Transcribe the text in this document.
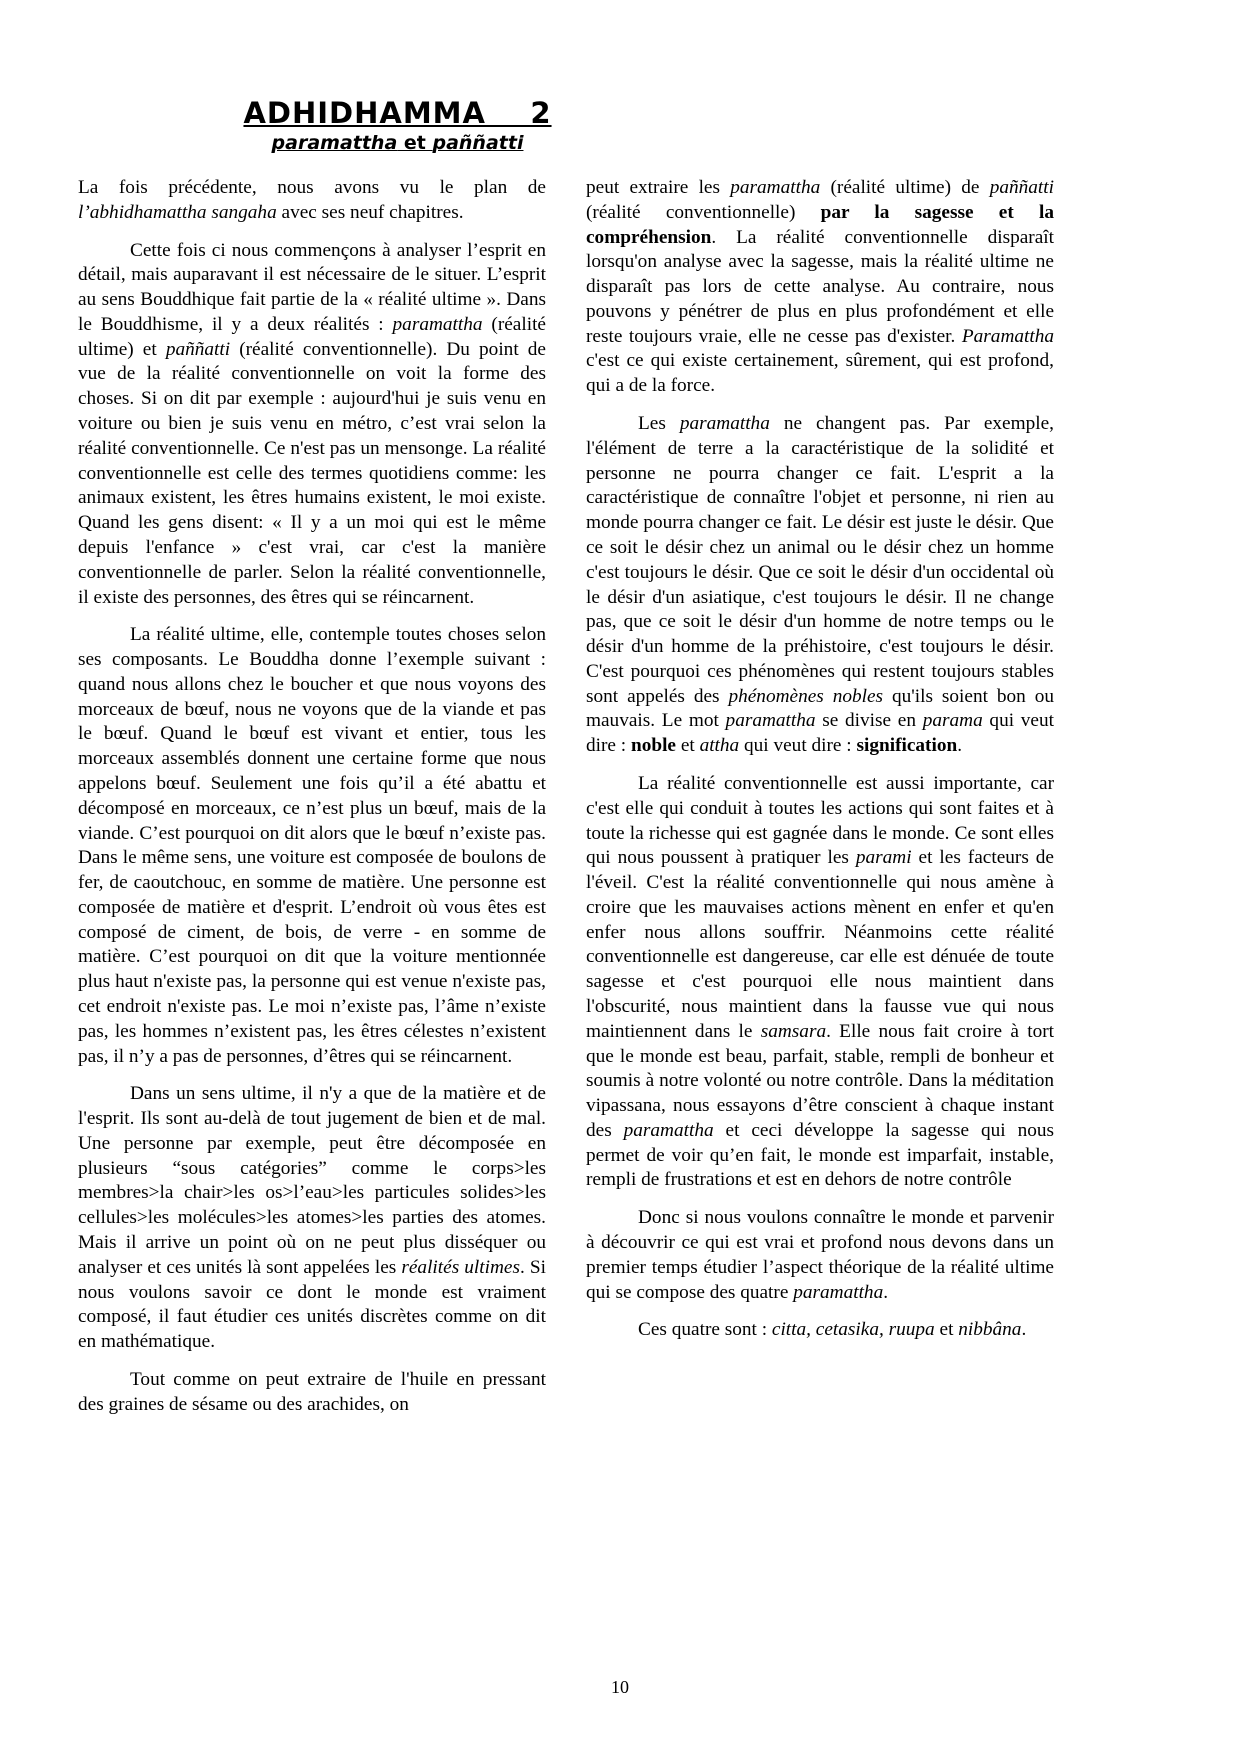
ADHIDHAMMA    2 paramattha et paññatti

La fois précédente, nous avons vu le plan de l’abhidhamattha sangaha avec ses neuf chapitres.

Cette fois ci nous commençons à analyser l’esprit en détail, mais auparavant il est nécessaire de le situer. L’esprit au sens Bouddhique fait partie de la « réalité ultime ». Dans le Bouddhisme, il y a deux réalités : paramattha (réalité ultime) et paññatti (réalité conventionnelle). Du point de vue de la réalité conventionnelle on voit la forme des choses. Si on dit par exemple : aujourd'hui je suis venu en voiture ou bien je suis venu en métro, c’est vrai selon la réalité conventionnelle. Ce n'est pas un mensonge. La réalité conventionnelle est celle des termes quotidiens comme: les animaux existent, les êtres humains existent, le moi existe. Quand les gens disent: « Il y a un moi qui est le même depuis l'enfance » c'est vrai, car c'est la manière conventionnelle de parler. Selon la réalité conventionnelle, il existe des personnes, des êtres qui se réincarnent.

La réalité ultime, elle, contemple toutes choses selon ses composants. Le Bouddha donne l’exemple suivant : quand nous allons chez le boucher et que nous voyons des morceaux de bœuf, nous ne voyons que de la viande et pas le bœuf. Quand le bœuf est vivant et entier, tous les morceaux assemblés donnent une certaine forme que nous appelons bœuf. Seulement une fois qu’il a été abattu et décomposé en morceaux, ce n’est plus un bœuf, mais de la viande. C’est pourquoi on dit alors que le bœuf n’existe pas. Dans le même sens, une voiture est composée de boulons de fer, de caoutchouc, en somme de matière. Une personne est composée de matière et d'esprit. L’endroit où vous êtes est composé de ciment, de bois, de verre - en somme de matière. C’est pourquoi on dit que la voiture mentionnée plus haut n'existe pas, la personne qui est venue n'existe pas, cet endroit n'existe pas. Le moi n’existe pas, l’âme n’existe pas, les hommes n’existent pas, les êtres célestes n’existent pas, il n’y a pas de personnes, d’êtres qui se réincarnent.

Dans un sens ultime, il n'y a que de la matière et de l'esprit. Ils sont au-delà de tout jugement de bien et de mal. Une personne par exemple, peut être décomposée en plusieurs “sous catégories” comme le corps>les membres>la chair>les os>l’eau>les particules solides>les cellules>les molécules>les atomes>les parties des atomes. Mais il arrive un point où on ne peut plus disséquer ou analyser et ces unités là sont appelées les réalités ultimes. Si nous voulons savoir ce dont le monde est vraiment composé, il faut étudier ces unités discrètes comme on dit en mathématique.

Tout comme on peut extraire de l'huile en pressant des graines de sésame ou des arachides, on

peut extraire les paramattha (réalité ultime) de paññatti (réalité conventionnelle) par la sagesse et la compréhension. La réalité conventionnelle disparaît lorsqu'on analyse avec la sagesse, mais la réalité ultime ne disparaît pas lors de cette analyse. Au contraire, nous pouvons y pénétrer de plus en plus profondément et elle reste toujours vraie, elle ne cesse pas d'exister. Paramattha c'est ce qui existe certainement, sûrement, qui est profond, qui a de la force.

Les paramattha ne changent pas. Par exemple, l'élément de terre a la caractéristique de la solidité et personne ne pourra changer ce fait. L'esprit a la caractéristique de connaître l'objet et personne, ni rien au monde pourra changer ce fait. Le désir est juste le désir. Que ce soit le désir chez un animal ou le désir chez un homme c'est toujours le désir. Que ce soit le désir d'un occidental où le désir d'un asiatique, c'est toujours le désir. Il ne change pas, que ce soit le désir d'un homme de notre temps ou le désir d'un homme de la préhistoire, c'est toujours le désir. C'est pourquoi ces phénomènes qui restent toujours stables sont appelés des phénomènes nobles qu'ils soient bon ou mauvais. Le mot paramattha se divise en parama qui veut dire : noble et attha qui veut dire : signification.

La réalité conventionnelle est aussi importante, car c'est elle qui conduit à toutes les actions qui sont faites et à toute la richesse qui est gagnée dans le monde. Ce sont elles qui nous poussent à pratiquer les parami et les facteurs de l'éveil. C'est la réalité conventionnelle qui nous amène à croire que les mauvaises actions mènent en enfer et qu'en enfer nous allons souffrir. Néanmoins cette réalité conventionnelle est dangereuse, car elle est dénuée de toute sagesse et c'est pourquoi elle nous maintient dans l'obscurité, nous maintient dans la fausse vue qui nous maintiennent dans le samsara. Elle nous fait croire à tort que le monde est beau, parfait, stable, rempli de bonheur et soumis à notre volonté ou notre contrôle. Dans la méditation vipassana, nous essayons d’être conscient à chaque instant des paramattha et ceci développe la sagesse qui nous permet de voir qu’en fait, le monde est imparfait, instable, rempli de frustrations et est en dehors de notre contrôle

Donc si nous voulons connaître le monde et parvenir à découvrir ce qui est vrai et profond nous devons dans un premier temps étudier l’aspect théorique de la réalité ultime qui se compose des quatre paramattha.

Ces quatre sont : citta, cetasika, ruupa et nibbâna.

10
